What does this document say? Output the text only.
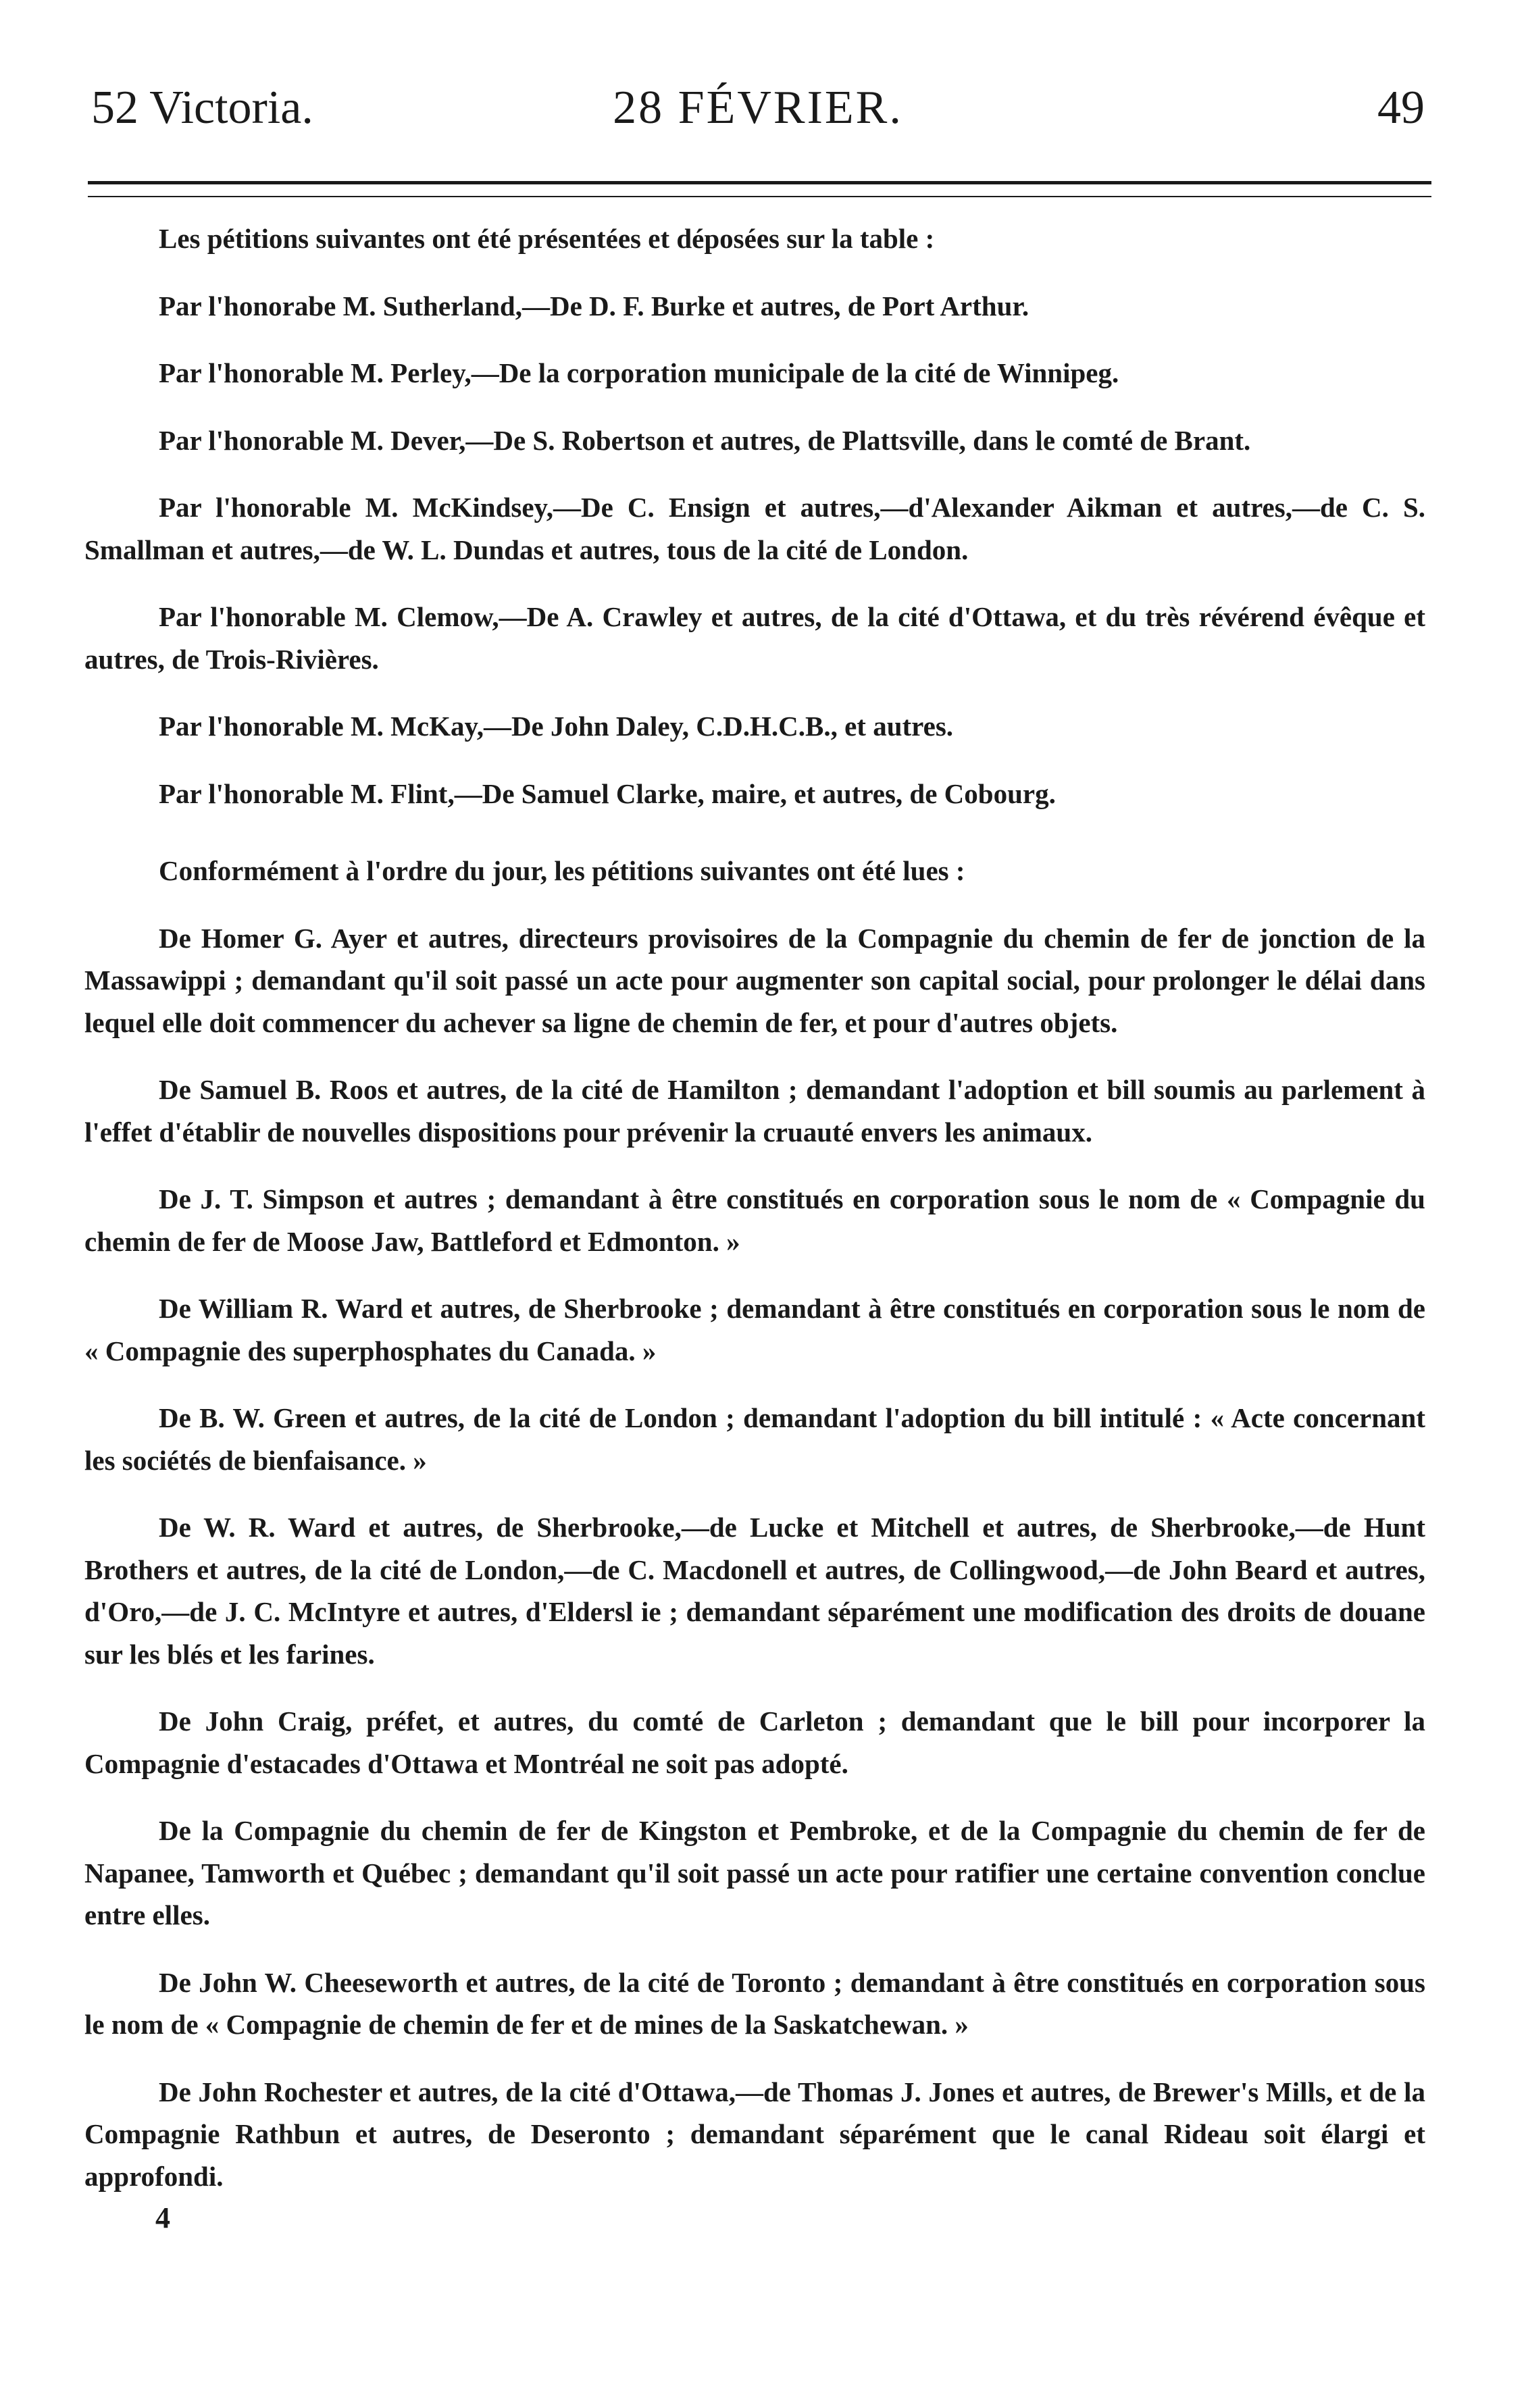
52 Victoria.	28 FÉVRIER.	49

Les pétitions suivantes ont été présentées et déposées sur la table :

Par l'honorabe M. Sutherland,—De D. F. Burke et autres, de Port Arthur.

Par l'honorable M. Perley,—De la corporation municipale de la cité de Winnipeg.

Par l'honorable M. Dever,—De S. Robertson et autres, de Plattsville, dans le comté de Brant.

Par l'honorable M. McKindsey,—De C. Ensign et autres,—d'Alexander Aikman et autres,—de C. S. Smallman et autres,—de W. L. Dundas et autres, tous de la cité de London.

Par l'honorable M. Clemow,—De A. Crawley et autres, de la cité d'Ottawa, et du très révérend évêque et autres, de Trois-Rivières.

Par l'honorable M. McKay,—De John Daley, C.D.H.C.B., et autres.

Par l'honorable M. Flint,—De Samuel Clarke, maire, et autres, de Cobourg.

Conformément à l'ordre du jour, les pétitions suivantes ont été lues :

De Homer G. Ayer et autres, directeurs provisoires de la Compagnie du chemin de fer de jonction de la Massawippi ; demandant qu'il soit passé un acte pour augmenter son capital social, pour prolonger le délai dans lequel elle doit commencer du achever sa ligne de chemin de fer, et pour d'autres objets.

De Samuel B. Roos et autres, de la cité de Hamilton ; demandant l'adoption et bill soumis au parlement à l'effet d'établir de nouvelles dispositions pour prévenir la cruauté envers les animaux.

De J. T. Simpson et autres ; demandant à être constitués en corporation sous le nom de « Compagnie du chemin de fer de Moose Jaw, Battleford et Edmonton. »

De William R. Ward et autres, de Sherbrooke ; demandant à être constitués en corporation sous le nom de « Compagnie des superphosphates du Canada. »

De B. W. Green et autres, de la cité de London ; demandant l'adoption du bill intitulé : « Acte concernant les sociétés de bienfaisance. »

De W. R. Ward et autres, de Sherbrooke,—de Lucke et Mitchell et autres, de Sherbrooke,—de Hunt Brothers et autres, de la cité de London,—de C. Macdonell et autres, de Collingwood,—de John Beard et autres, d'Oro,—de J. C. McIntyre et autres, d'Eldersl ie ; demandant séparément une modification des droits de douane sur les blés et les farines.

De John Craig, préfet, et autres, du comté de Carleton ; demandant que le bill pour incorporer la Compagnie d'estacades d'Ottawa et Montréal ne soit pas adopté.

De la Compagnie du chemin de fer de Kingston et Pembroke, et de la Compagnie du chemin de fer de Napanee, Tamworth et Québec ; demandant qu'il soit passé un acte pour ratifier une certaine convention conclue entre elles.

De John W. Cheeseworth et autres, de la cité de Toronto ; demandant à être constitués en corporation sous le nom de « Compagnie de chemin de fer et de mines de la Saskatchewan. »

De John Rochester et autres, de la cité d'Ottawa,—de Thomas J. Jones et autres, de Brewer's Mills, et de la Compagnie Rathbun et autres, de Deseronto ; demandant séparément que le canal Rideau soit élargi et approfondi.

4
